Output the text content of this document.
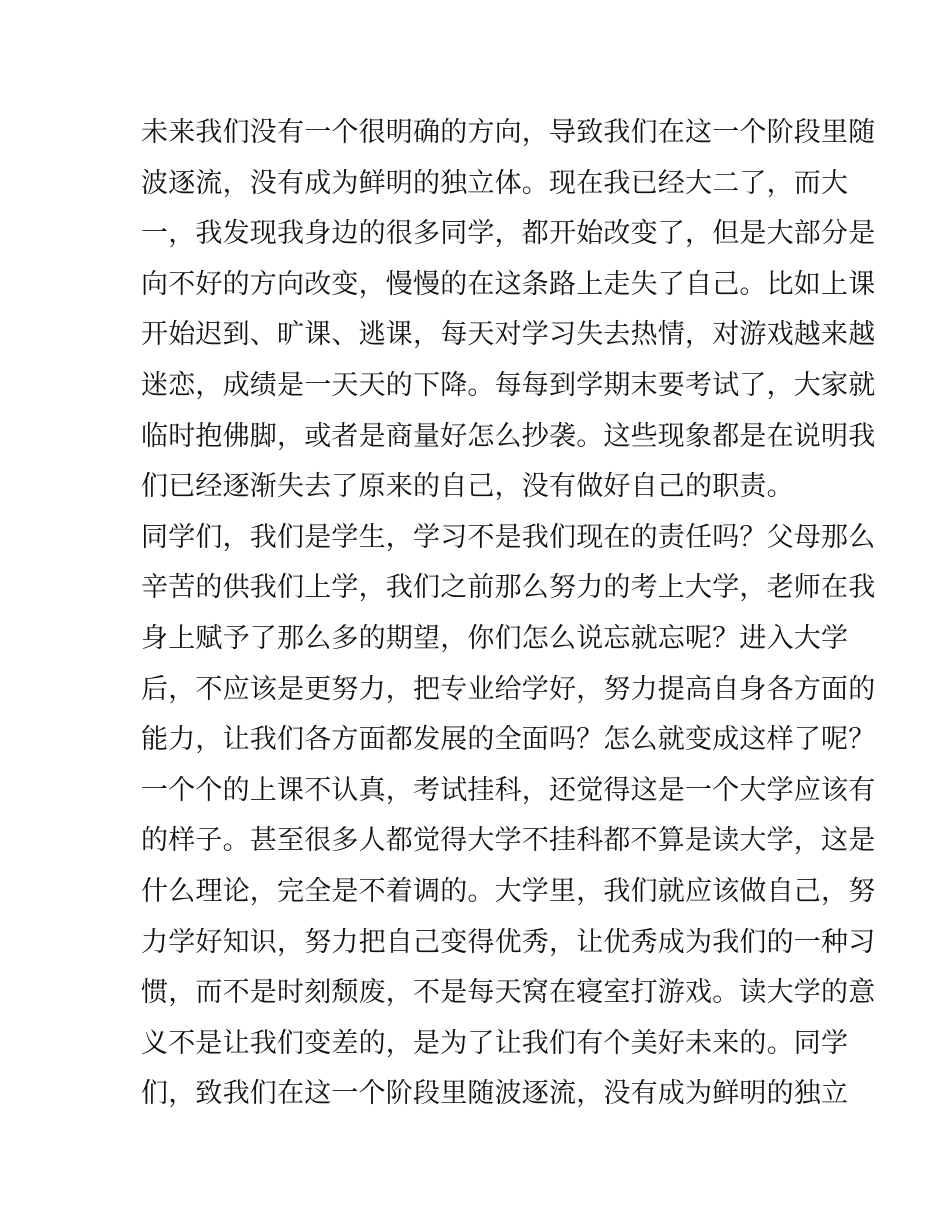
未来我们没有一个很明确的方向，导致我们在这一个阶段里随
波逐流，没有成为鲜明的独立体。现在我已经大二了，而大
一，我发现我身边的很多同学，都开始改变了，但是大部分是
向不好的方向改变，慢慢的在这条路上走失了自己。比如上课
开始迟到、旷课、逃课，每天对学习失去热情，对游戏越来越
迷恋，成绩是一天天的下降。每每到学期末要考试了，大家就
临时抱佛脚，或者是商量好怎么抄袭。这些现象都是在说明我
们已经逐渐失去了原来的自己，没有做好自己的职责。
同学们，我们是学生，学习不是我们现在的责任吗？父母那么
辛苦的供我们上学，我们之前那么努力的考上大学，老师在我
身上赋予了那么多的期望，你们怎么说忘就忘呢？进入大学
后，不应该是更努力，把专业给学好，努力提高自身各方面的
能力，让我们各方面都发展的全面吗？怎么就变成这样了呢？
一个个的上课不认真，考试挂科，还觉得这是一个大学应该有
的样子。甚至很多人都觉得大学不挂科都不算是读大学，这是
什么理论，完全是不着调的。大学里，我们就应该做自己，努
力学好知识，努力把自己变得优秀，让优秀成为我们的一种习
惯，而不是时刻颓废，不是每天窝在寝室打游戏。读大学的意
义不是让我们变差的，是为了让我们有个美好未来的。同学
们，致我们在这一个阶段里随波逐流，没有成为鲜明的独立
